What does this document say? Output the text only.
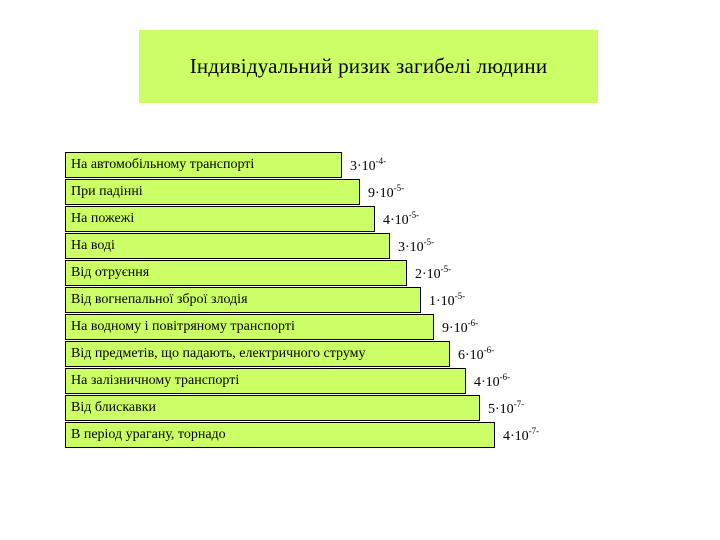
Індивідуальний ризик загибелі людини
На автомобільному транспорті	$3\cdot 10^{-4-}$
При падінні	$9\cdot 10^{-5-}$
На пожежі	$4\cdot 10^{-5-}$
На воді	$3\cdot 10^{-5-}$
Від отруєння	$2\cdot 10^{-5-}$
Від вогнепальної зброї злодія	$1\cdot 10^{-5-}$
На водному і повітряному транспорті	$9\cdot 10^{-6-}$
Від предметів, що падають, електричного струму	$6\cdot 10^{-6-}$
На залізничному транспорті	$4\cdot 10^{-6-}$
Від блискавки	$5\cdot 10^{-7-}$
В період урагану, торнадо	$4\cdot 10^{-7-}$
